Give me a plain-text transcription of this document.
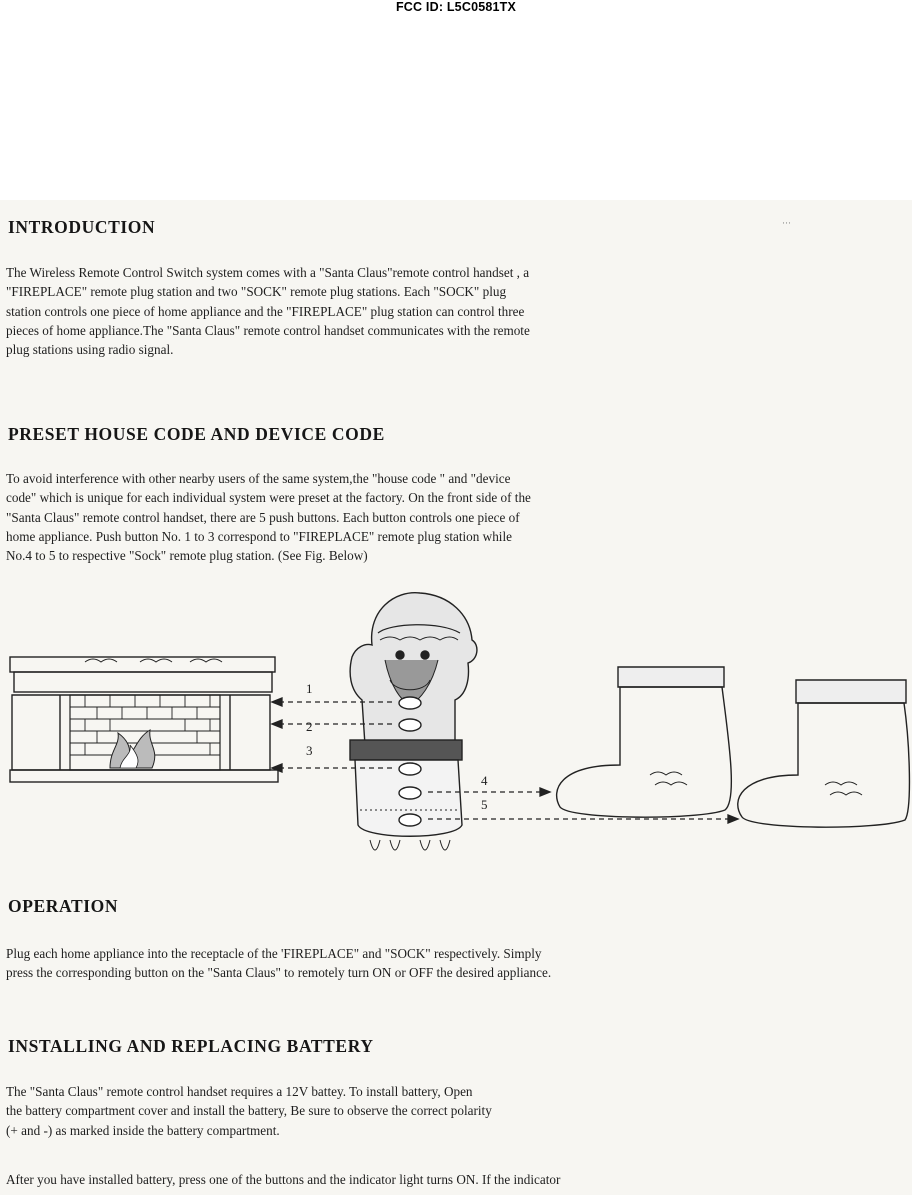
FCC ID: L5C0581TX
···
INTRODUCTION
The Wireless Remote Control Switch system comes with a "Santa Claus"remote control handset , a
"FIREPLACE" remote plug station and two "SOCK" remote plug stations. Each "SOCK" plug
station controls one piece of home appliance and the "FIREPLACE" plug station can control three
pieces of home appliance.The "Santa Claus" remote control handset communicates with the remote
plug stations using radio signal.
PRESET HOUSE CODE AND DEVICE CODE
To avoid interference with other nearby users of the same system,the "house code " and "device
code" which is unique for each individual system were preset at the factory. On the front side of the
"Santa Claus" remote control handset, there are 5 push buttons. Each button controls one piece of
home appliance. Push button No. 1 to 3 correspond to "FIREPLACE" remote plug station while
No.4 to 5 to respective "Sock" remote plug station. (See Fig. Below)
1
2
3
4
5
OPERATION
Plug each home appliance into the receptacle of the 'FIREPLACE" and "SOCK" respectively. Simply
press the corresponding button on the "Santa Claus" to remotely turn ON or OFF the desired appliance.
INSTALLING AND REPLACING BATTERY
The "Santa Claus" remote control handset requires a 12V battey. To install battery, Open
the battery compartment cover and install the battery, Be sure to observe the correct polarity
(+ and -) as marked inside the battery compartment.
After you have installed battery, press one of the buttons and the indicator light turns ON. If the indicator
